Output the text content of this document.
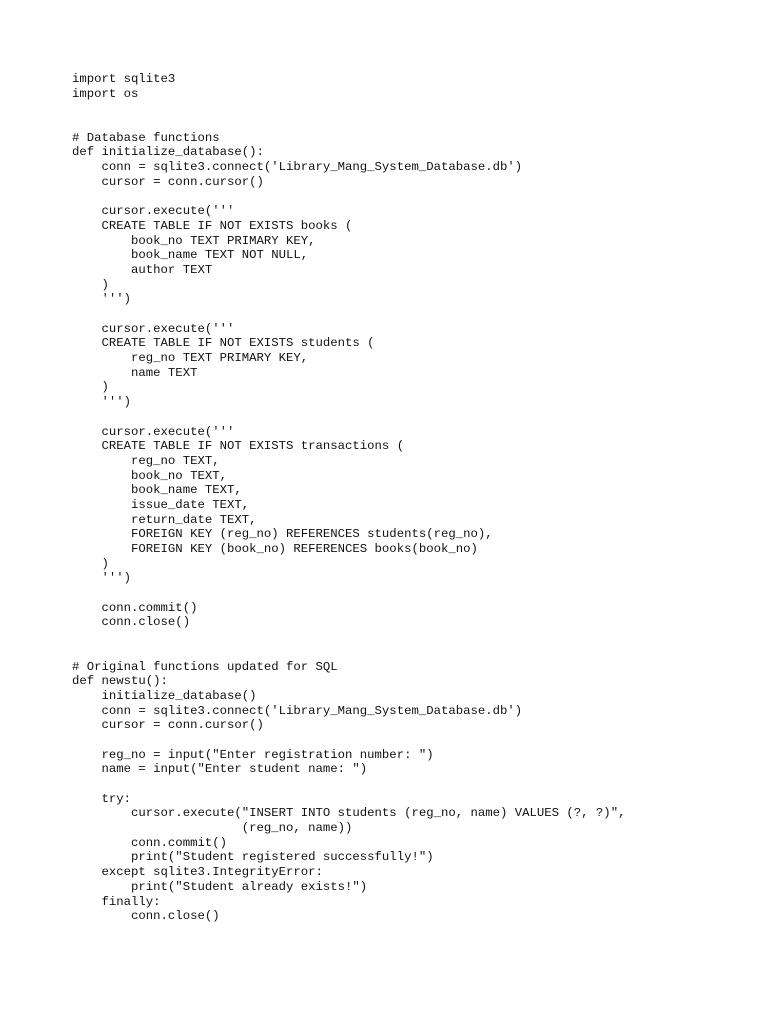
import sqlite3
import os
# Database functions
def initialize_database():
conn = sqlite3.connect('Library_Mang_System_Database.db')
cursor = conn.cursor()
cursor.execute('''
CREATE TABLE IF NOT EXISTS books (
book_no TEXT PRIMARY KEY,
book_name TEXT NOT NULL,
author TEXT
)
''')
cursor.execute('''
CREATE TABLE IF NOT EXISTS students (
reg_no TEXT PRIMARY KEY,
name TEXT
)
''')
cursor.execute('''
CREATE TABLE IF NOT EXISTS transactions (
reg_no TEXT,
book_no TEXT,
book_name TEXT,
issue_date TEXT,
return_date TEXT,
FOREIGN KEY (reg_no) REFERENCES students(reg_no),
FOREIGN KEY (book_no) REFERENCES books(book_no)
)
''')
conn.commit()
conn.close()
# Original functions updated for SQL
def newstu():
initialize_database()
conn = sqlite3.connect('Library_Mang_System_Database.db')
cursor = conn.cursor()
reg_no = input("Enter registration number: ")
name = input("Enter student name: ")
try:
cursor.execute("INSERT INTO students (reg_no, name) VALUES (?, ?)",
(reg_no, name))
conn.commit()
print("Student registered successfully!")
except sqlite3.IntegrityError:
print("Student already exists!")
finally:
conn.close()
